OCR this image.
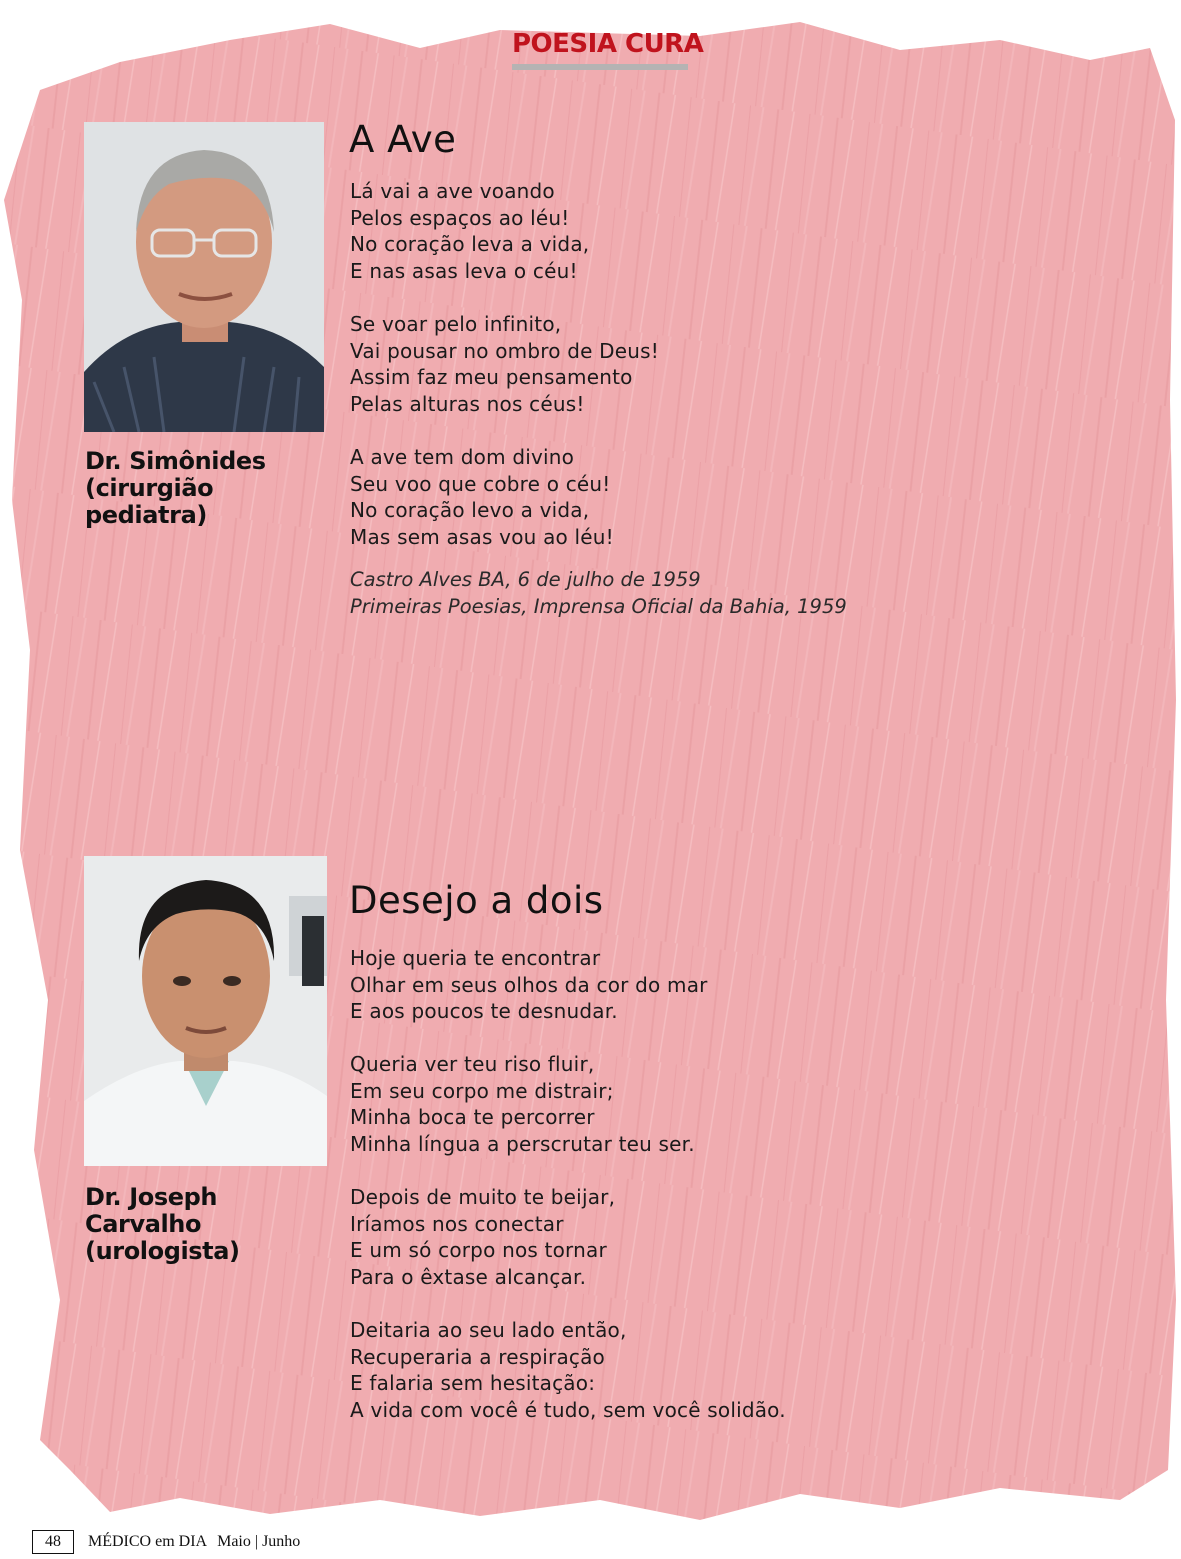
POESIA CURA
Dr. Simônides
(cirurgião
pediatra)
A Ave
Lá vai a ave voando
Pelos espaços ao léu!
No coração leva a vida,
E nas asas leva o céu!
Se voar pelo infinito,
Vai pousar no ombro de Deus!
Assim faz meu pensamento
Pelas alturas nos céus!
A ave tem dom divino
Seu voo que cobre o céu!
No coração levo a vida,
Mas sem asas vou ao léu!
Castro Alves BA, 6 de julho de 1959
Primeiras Poesias, Imprensa Oficial da Bahia, 1959
Dr. Joseph
Carvalho
(urologista)
Desejo a dois
Hoje queria te encontrar
Olhar em seus olhos da cor do mar
E aos poucos te desnudar.
Queria ver teu riso fluir,
Em seu corpo me distrair;
Minha boca te percorrer
Minha língua a perscrutar teu ser.
Depois de muito te beijar,
Iríamos nos conectar
E um só corpo nos tornar
Para o êxtase alcançar.
Deitaria ao seu lado então,
Recuperaria a respiração
E falaria sem hesitação:
A vida com você é tudo, sem você solidão.
48	MÉDICO em DIA Maio | Junho
